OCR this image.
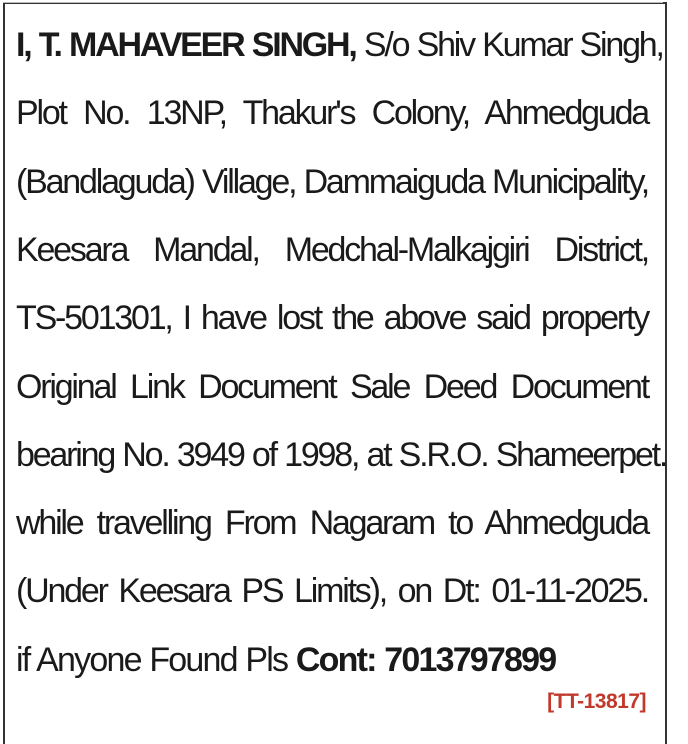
I, T. MAHAVEER SINGH, S/o Shiv Kumar Singh,
Plot No. 13NP, Thakur's Colony, Ahmedguda
(Bandlaguda) Village, Dammaiguda Municipality,
Keesara Mandal, Medchal-Malkajgiri District,
TS-501301, I have lost the above said property
Original Link Document Sale Deed Document
bearing No. 3949 of 1998, at S.R.O. Shameerpet.
while travelling From Nagaram to Ahmedguda
(Under Keesara PS Limits), on Dt: 01-11-2025.
if Anyone Found Pls Cont: 7013797899
[TT-13817]
